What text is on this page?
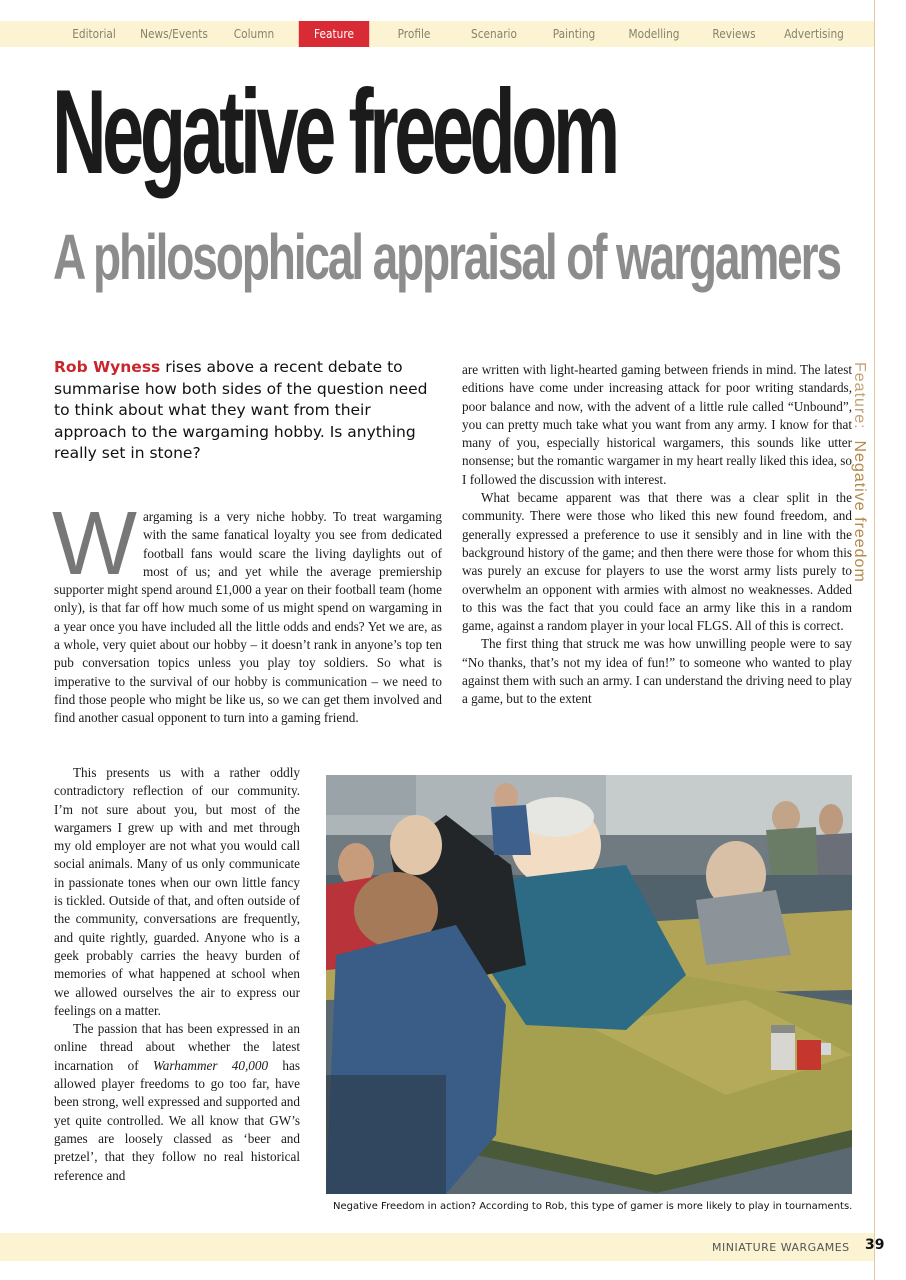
Editorial	News/Events	Column	Feature	Profile	Scenario	Painting	Modelling	Reviews	Advertising
Negative freedom
A philosophical appraisal of wargamers
Rob Wyness rises above a recent debate to summarise how both sides of the question need to think about what they want from their approach to the wargaming hobby. Is anything really set in stone?

Wargaming is a very niche hobby. To treat wargaming with the same fanatical loyalty you see from dedicated football fans would scare the living daylights out of most of us; and yet while the average premiership supporter might spend around £1,000 a year on their football team (home only), is that far off how much some of us might spend on wargaming in a year once you have included all the little odds and ends? Yet we are, as a whole, very quiet about our hobby – it doesn’t rank in anyone’s top ten pub conversation topics unless you play toy soldiers. So what is imperative to the survival of our hobby is communication – we need to find those people who might be like us, so we can get them involved and find another casual opponent to turn into a gaming friend.

This presents us with a rather oddly contradictory reflection of our community. I’m not sure about you, but most of the wargamers I grew up with and met through my old employer are not what you would call social animals. Many of us only communicate in passionate tones when our own little fancy is tickled. Outside of that, and often outside of the community, conversations are frequently, and quite rightly, guarded. Anyone who is a geek probably carries the heavy burden of memories of what happened at school when we allowed ourselves the air to express our feelings on a matter.

The passion that has been expressed in an online thread about whether the latest incarnation of Warhammer 40,000 has allowed player freedoms to go too far, have been strong, well expressed and supported and yet quite controlled. We all know that GW’s games are loosely classed as ‘beer and pretzel’, that they follow no real historical reference and

are written with light-hearted gaming between friends in mind. The latest editions have come under increasing attack for poor writing standards, poor balance and now, with the advent of a little rule called “Unbound”, you can pretty much take what you want from any army. I know for that many of you, especially historical wargamers, this sounds like utter nonsense; but the romantic wargamer in my heart really liked this idea, so I followed the discussion with interest.

What became apparent was that there was a clear split in the community. There were those who liked this new found freedom, and generally expressed a preference to use it sensibly and in line with the background history of the game; and then there were those for whom this was purely an excuse for players to use the worst army lists purely to overwhelm an opponent with armies with almost no weaknesses. Added to this was the fact that you could face an army like this in a random game, against a random player in your local FLGS. All of this is correct.

The first thing that struck me was how unwilling people were to say “No thanks, that’s not my idea of fun!” to someone who wanted to play against them with such an army. I can understand the driving need to play a game, but to the extent

Negative Freedom in action? According to Rob, this type of gamer is more likely to play in tournaments.
Feature:  Negative freedom
MINIATURE WARGAMES 39
